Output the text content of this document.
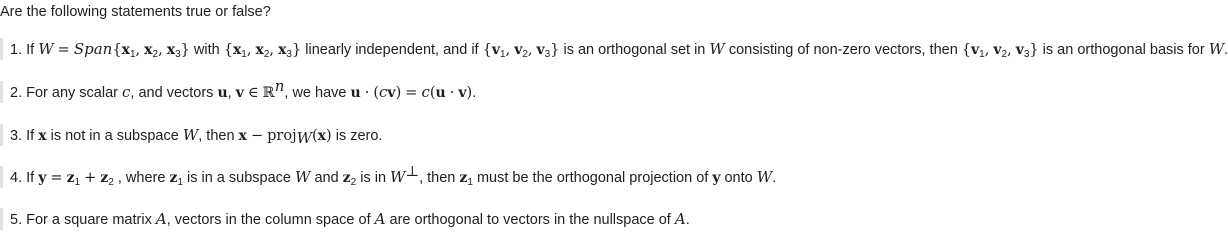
Are the following statements true or false?
1. If $W = Span\{x_1$, $x_2$, $x_3$} with {$x_1$, $x_2$, $x_3$} linearly independent, and if {$v_1$, $v_2$, $v_3$} is an orthogonal set in W consisting of non-zero vectors, then {$v_1$, $v_2$, $v_3$} is an orthogonal basis for W.
2. For any scalar c, and vectors u, v ∈ ℝ$^n$, we have u · (cv) = c(u · v).
3. If x is not in a subspace W, then x − proj$_W$(x) is zero.
4. If $y = z_1 + z_2$ , where $z_1$ is in a subspace W and $z_2$ is in W⊥, then $z_1$ must be the orthogonal projection of y onto W.
5. For a square matrix A, vectors in the column space of A are orthogonal to vectors in the nullspace of A.
